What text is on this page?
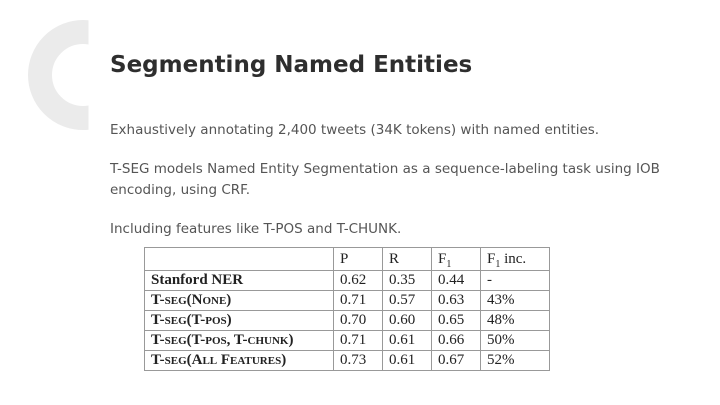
Segmenting Named Entities

Exhaustively annotating 2,400 tweets (34K tokens) with named entities.

T-SEG models Named Entity Segmentation as a sequence-labeling task using IOB encoding, using CRF.

Including features like T-POS and T-CHUNK.

	P	R	$F_1$	$F_1$ inc.
Stanford NER	0.62	0.35	0.44	-
T-seg(None)	0.71	0.57	0.63	43%
T-seg(T-pos)	0.70	0.60	0.65	48%
T-seg(T-pos, T-chunk)	0.71	0.61	0.66	50%
T-seg(All Features)	0.73	0.61	0.67	52%
